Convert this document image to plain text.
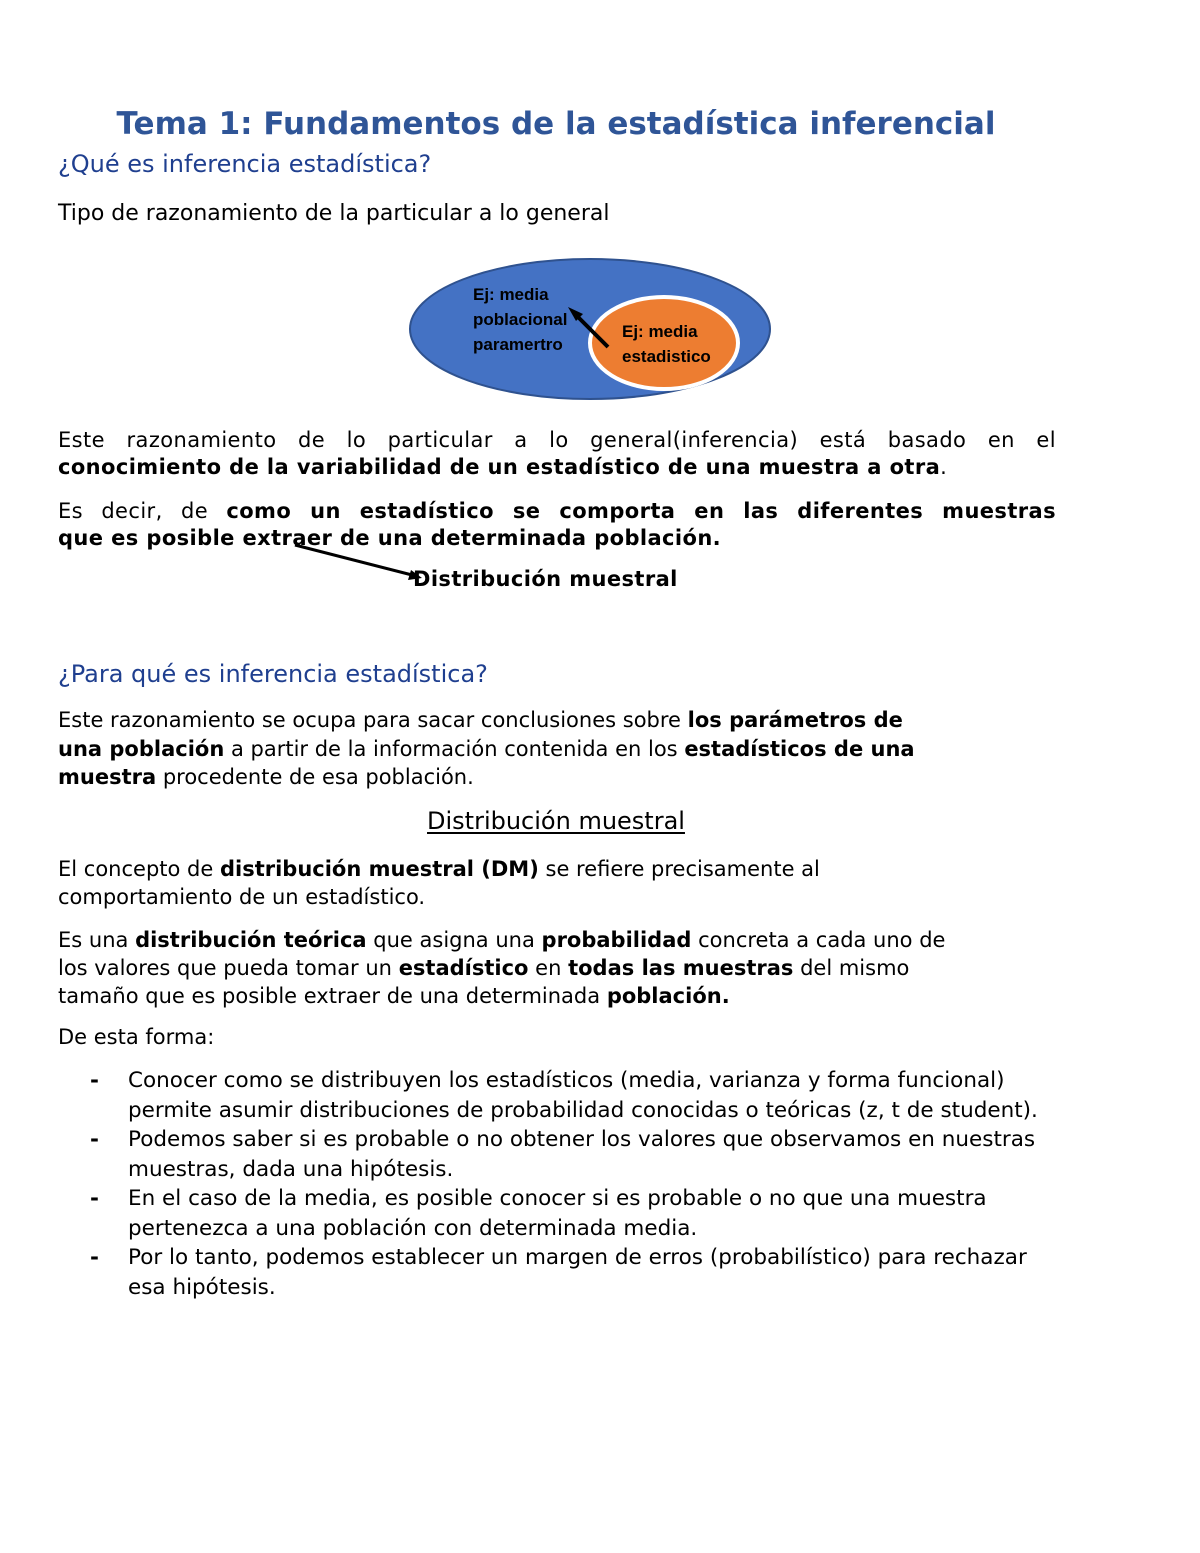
Tema 1: Fundamentos de la estadística inferencial
¿Qué es inferencia estadística?
Tipo de razonamiento de la particular a lo general
Ej: media
poblacional
paramertro
Ej: media
estadistico
Este razonamiento de lo particular a lo general(inferencia) está basado en el
conocimiento de la variabilidad de un estadístico de una muestra a otra.
Es decir, de como un estadístico se comporta en las diferentes muestras
que es posible extraer de una determinada población.
Distribución muestral
¿Para qué es inferencia estadística?
Este razonamiento se ocupa para sacar conclusiones sobre los parámetros de
una población a partir de la información contenida en los estadísticos de una
muestra procedente de esa población.
Distribución muestral
El concepto de distribución muestral (DM) se refiere precisamente al
comportamiento de un estadístico.
Es una distribución teórica que asigna una probabilidad concreta a cada uno de
los valores que pueda tomar un estadístico en todas las muestras del mismo
tamaño que es posible extraer de una determinada población.
De esta forma:
- Conocer como se distribuyen los estadísticos (media, varianza y forma funcional) permite asumir distribuciones de probabilidad conocidas o teóricas (z, t de student).
- Podemos saber si es probable o no obtener los valores que observamos en nuestras muestras, dada una hipótesis.
- En el caso de la media, es posible conocer si es probable o no que una muestra pertenezca a una población con determinada media.
- Por lo tanto, podemos establecer un margen de erros (probabilístico) para rechazar esa hipótesis.
